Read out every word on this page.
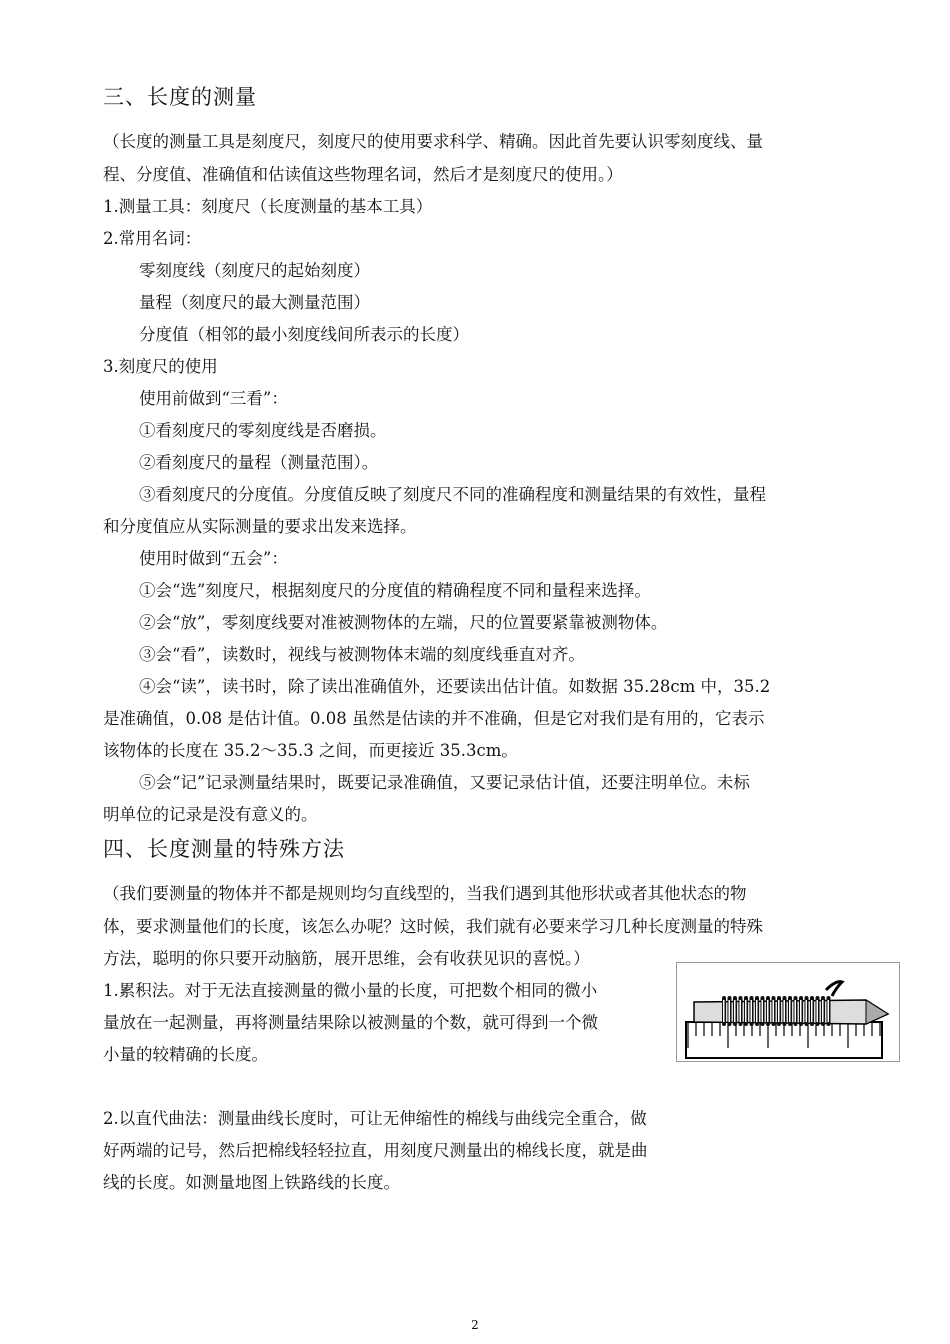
三、长度的测量
（长度的测量工具是刻度尺，刻度尺的使用要求科学、精确。因此首先要认识零刻度线、量
程、分度值、准确值和估读值这些物理名词，然后才是刻度尺的使用。）
1.测量工具：刻度尺（长度测量的基本工具）
2.常用名词：
零刻度线（刻度尺的起始刻度）
量程（刻度尺的最大测量范围）
分度值（相邻的最小刻度线间所表示的长度）
3.刻度尺的使用
使用前做到“三看”：
①看刻度尺的零刻度线是否磨损。
②看刻度尺的量程（测量范围）。
③看刻度尺的分度值。分度值反映了刻度尺不同的准确程度和测量结果的有效性，量程
和分度值应从实际测量的要求出发来选择。
使用时做到“五会”：
①会“选”刻度尺，根据刻度尺的分度值的精确程度不同和量程来选择。
②会“放”，零刻度线要对准被测物体的左端，尺的位置要紧靠被测物体。
③会“看”，读数时，视线与被测物体末端的刻度线垂直对齐。
④会“读”，读书时，除了读出准确值外，还要读出估计值。如数据 35.28cm 中，35.2
是准确值，0.08 是估计值。0.08 虽然是估读的并不准确，但是它对我们是有用的，它表示
该物体的长度在 35.2～35.3 之间，而更接近 35.3cm。
⑤会“记”记录测量结果时，既要记录准确值，又要记录估计值，还要注明单位。未标
明单位的记录是没有意义的。
四、长度测量的特殊方法
（我们要测量的物体并不都是规则均匀直线型的，当我们遇到其他形状或者其他状态的物
体，要求测量他们的长度，该怎么办呢？这时候，我们就有必要来学习几种长度测量的特殊
方法，聪明的你只要开动脑筋，展开思维，会有收获见识的喜悦。）
1.累积法。对于无法直接测量的微小量的长度，可把数个相同的微小
量放在一起测量，再将测量结果除以被测量的个数，就可得到一个微
小量的较精确的长度。
2.以直代曲法：测量曲线长度时，可让无伸缩性的棉线与曲线完全重合，做
好两端的记号，然后把棉线轻轻拉直，用刻度尺测量出的棉线长度，就是曲
线的长度。如测量地图上铁路线的长度。
2
